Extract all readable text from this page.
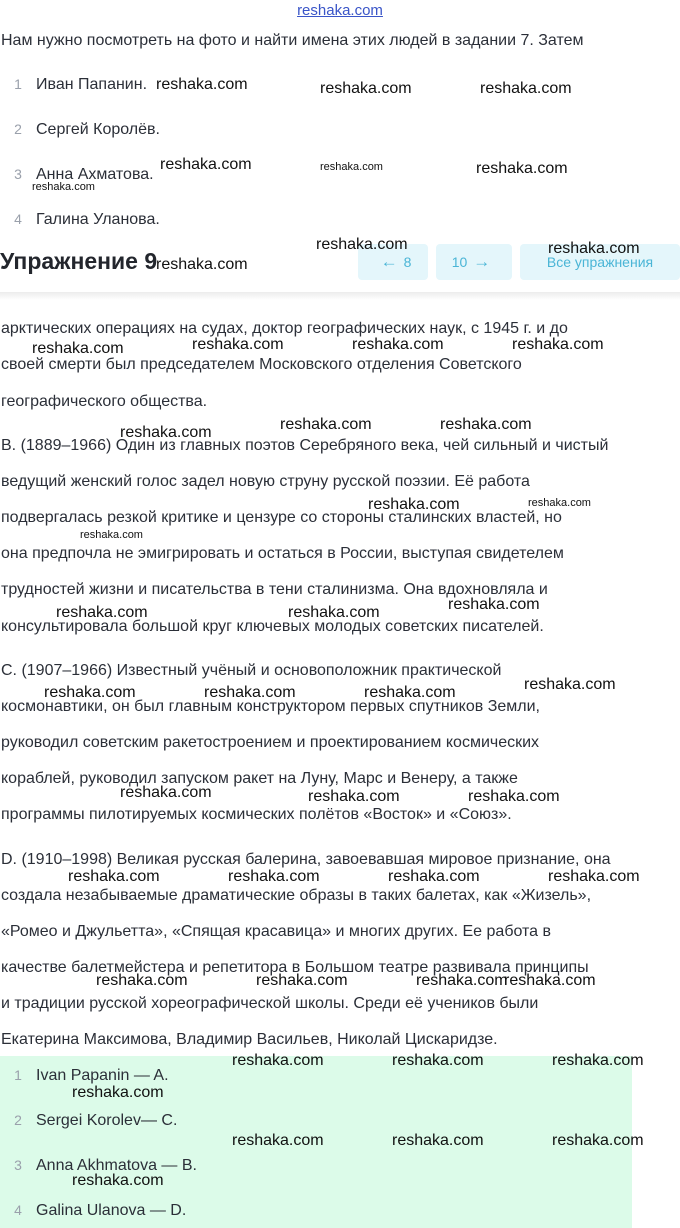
reshaka.com
Нам нужно посмотреть на фото и найти имена этих людей в задании 7. Затем
1 Иван Папанин.
2 Сергей Королёв.
3 Анна Ахматова.
4 Галина Уланова.
← 8	10 →	Все упражнения
Упражнение 9
арктических операциях на судах, доктор географических наук, с 1945 г. и до
своей смерти был председателем Московского отделения Советского
географического общества.
B. (1889–1966) Один из главных поэтов Серебряного века, чей сильный и чистый
ведущий женский голос задел новую струну русской поэзии. Её работа
подвергалась резкой критике и цензуре со стороны сталинских властей, но
она предпочла не эмигрировать и остаться в России, выступая свидетелем
трудностей жизни и писательства в тени сталинизма. Она вдохновляла и
консультировала большой круг ключевых молодых советских писателей.
C. (1907–1966) Известный учёный и основоположник практической
космонавтики, он был главным конструктором первых спутников Земли,
руководил советским ракетостроением и проектированием космических
кораблей, руководил запуском ракет на Луну, Марс и Венеру, а также
программы пилотируемых космических полётов «Восток» и «Союз».
D. (1910–1998) Великая русская балерина, завоевавшая мировое признание, она
создала незабываемые драматические образы в таких балетах, как «Жизель»,
«Ромео и Джульетта», «Спящая красавица» и многих других. Ее работа в
качестве балетмейстера и репетитора в Большом театре развивала принципы
и традиции русской хореографической школы. Среди её учеников были
Екатерина Максимова, Владимир Васильев, Николай Цискаридзе.
1 Ivan Papanin — A.
2 Sergei Korolev— C.
3 Anna Akhmatova — B.
4 Galina Ulanova — D.
reshaka.com	reshaka.com	reshaka.com
reshaka.com	reshaka.com	reshaka.com
reshaka.com
reshaka.com	reshaka.com
reshaka.com
reshaka.com	reshaka.com	reshaka.com
reshaka.com
reshaka.com	reshaka.com
reshaka.com
reshaka.com	reshaka.com
reshaka.com
reshaka.com
reshaka.com	reshaka.com
reshaka.com
reshaka.com	reshaka.com	reshaka.com
reshaka.com	reshaka.com	reshaka.com
reshaka.com	reshaka.com	reshaka.com	reshaka.com
reshaka.com	reshaka.com	reshaka.com
reshaka.com
reshaka.com	reshaka.com	reshaka.com
reshaka.com
reshaka.com	reshaka.com	reshaka.com
reshaka.com
